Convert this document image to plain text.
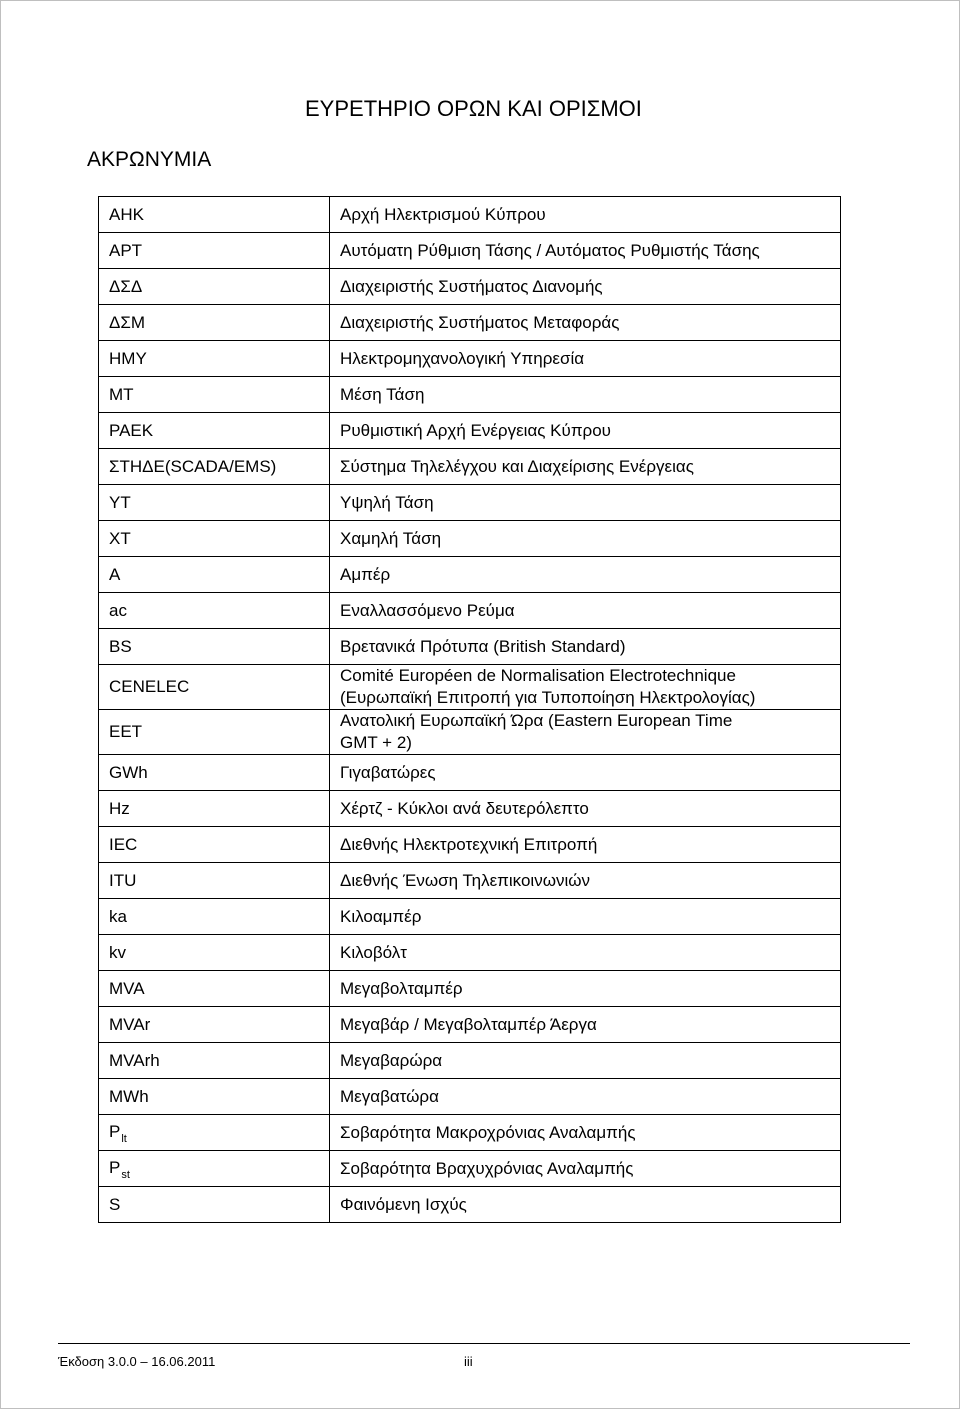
ΕΥΡΕΤΗΡΙΟ ΟΡΩΝ ΚΑΙ ΟΡΙΣΜΟΙ
ΑΚΡΩΝΥΜΙΑ
ΑΗΚ	Αρχή Ηλεκτρισμού Κύπρου

ΑΡΤ	Αυτόματη Ρύθμιση Τάσης / Αυτόματος Ρυθμιστής Τάσης

ΔΣΔ	Διαχειριστής Συστήματος Διανομής

ΔΣΜ	Διαχειριστής Συστήματος Μεταφοράς

ΗΜΥ	Ηλεκτρομηχανολογική Υπηρεσία

ΜΤ	Μέση Τάση

ΡΑΕΚ	Ρυθμιστική Αρχή Ενέργειας Κύπρου

ΣΤΗΔΕ(SCADA/EMS)	Σύστημα Τηλελέγχου και Διαχείρισης Ενέργειας

ΥΤ	Υψηλή Τάση

ΧΤ	Χαμηλή Τάση

A	Αμπέρ

ac	Εναλλασσόμενο Ρεύμα

BS	Βρετανικά Πρότυπα (British Standard)

CENELEC	Comité Européen de Normalisation Electrotechnique
(Ευρωπαϊκή Επιτροπή για Τυποποίηση Ηλεκτρολογίας)

EET	Ανατολική Ευρωπαϊκή Ώρα (Eastern European Time
GMT + 2)

GWh	Γιγαβατώρες

Hz	Χέρτζ - Κύκλοι ανά δευτερόλεπτο

IEC	Διεθνής Ηλεκτροτεχνική Επιτροπή

ITU	Διεθνής Ένωση Τηλεπικοινωνιών

ka	Κιλοαμπέρ

kv	Κιλοβόλτ

MVA	Μεγαβολταμπέρ

MVAr	Μεγαβάρ / Μεγαβολταμπέρ Άεργα

MVArh	Μεγαβαρώρα

MWh	Μεγαβατώρα

$P_{lt}$	Σοβαρότητα Μακροχρόνιας Αναλαμπής

$P_{st}$	Σοβαρότητα Βραχυχρόνιας Αναλαμπής

S	Φαινόμενη Ισχύς
Έκδοση 3.0.0 – 16.06.2011	iii
